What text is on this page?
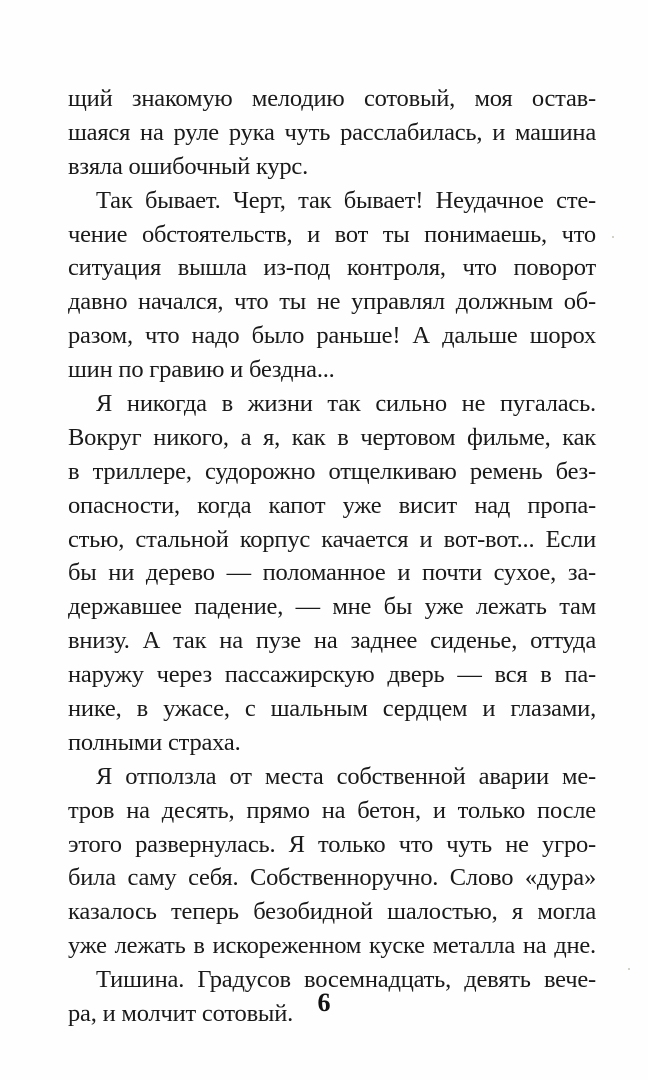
щий знакомую мелодию сотовый, моя остав-
шаяся на руле рука чуть расслабилась, и машина
взяла ошибочный курс.
Так бывает. Черт, так бывает! Неудачное сте-
чение обстоятельств, и вот ты понимаешь, что
ситуация вышла из-под контроля, что поворот
давно начался, что ты не управлял должным об-
разом, что надо было раньше! А дальше шорох
шин по гравию и бездна...
Я никогда в жизни так сильно не пугалась.
Вокруг никого, а я, как в чертовом фильме, как
в триллере, судорожно отщелкиваю ремень без-
опасности, когда капот уже висит над пропа-
стью, стальной корпус качается и вот-вот... Если
бы ни дерево — поломанное и почти сухое, за-
державшее падение, — мне бы уже лежать там
внизу. А так на пузе на заднее сиденье, оттуда
наружу через пассажирскую дверь — вся в па-
нике, в ужасе, с шальным сердцем и глазами,
полными страха.
Я отползла от места собственной аварии ме-
тров на десять, прямо на бетон, и только после
этого развернулась. Я только что чуть не угро-
била саму себя. Собственноручно. Слово «дура»
казалось теперь безобидной шалостью, я могла
уже лежать в искореженном куске металла на дне.
Тишина. Градусов восемнадцать, девять вече-
ра, и молчит сотовый. 6
